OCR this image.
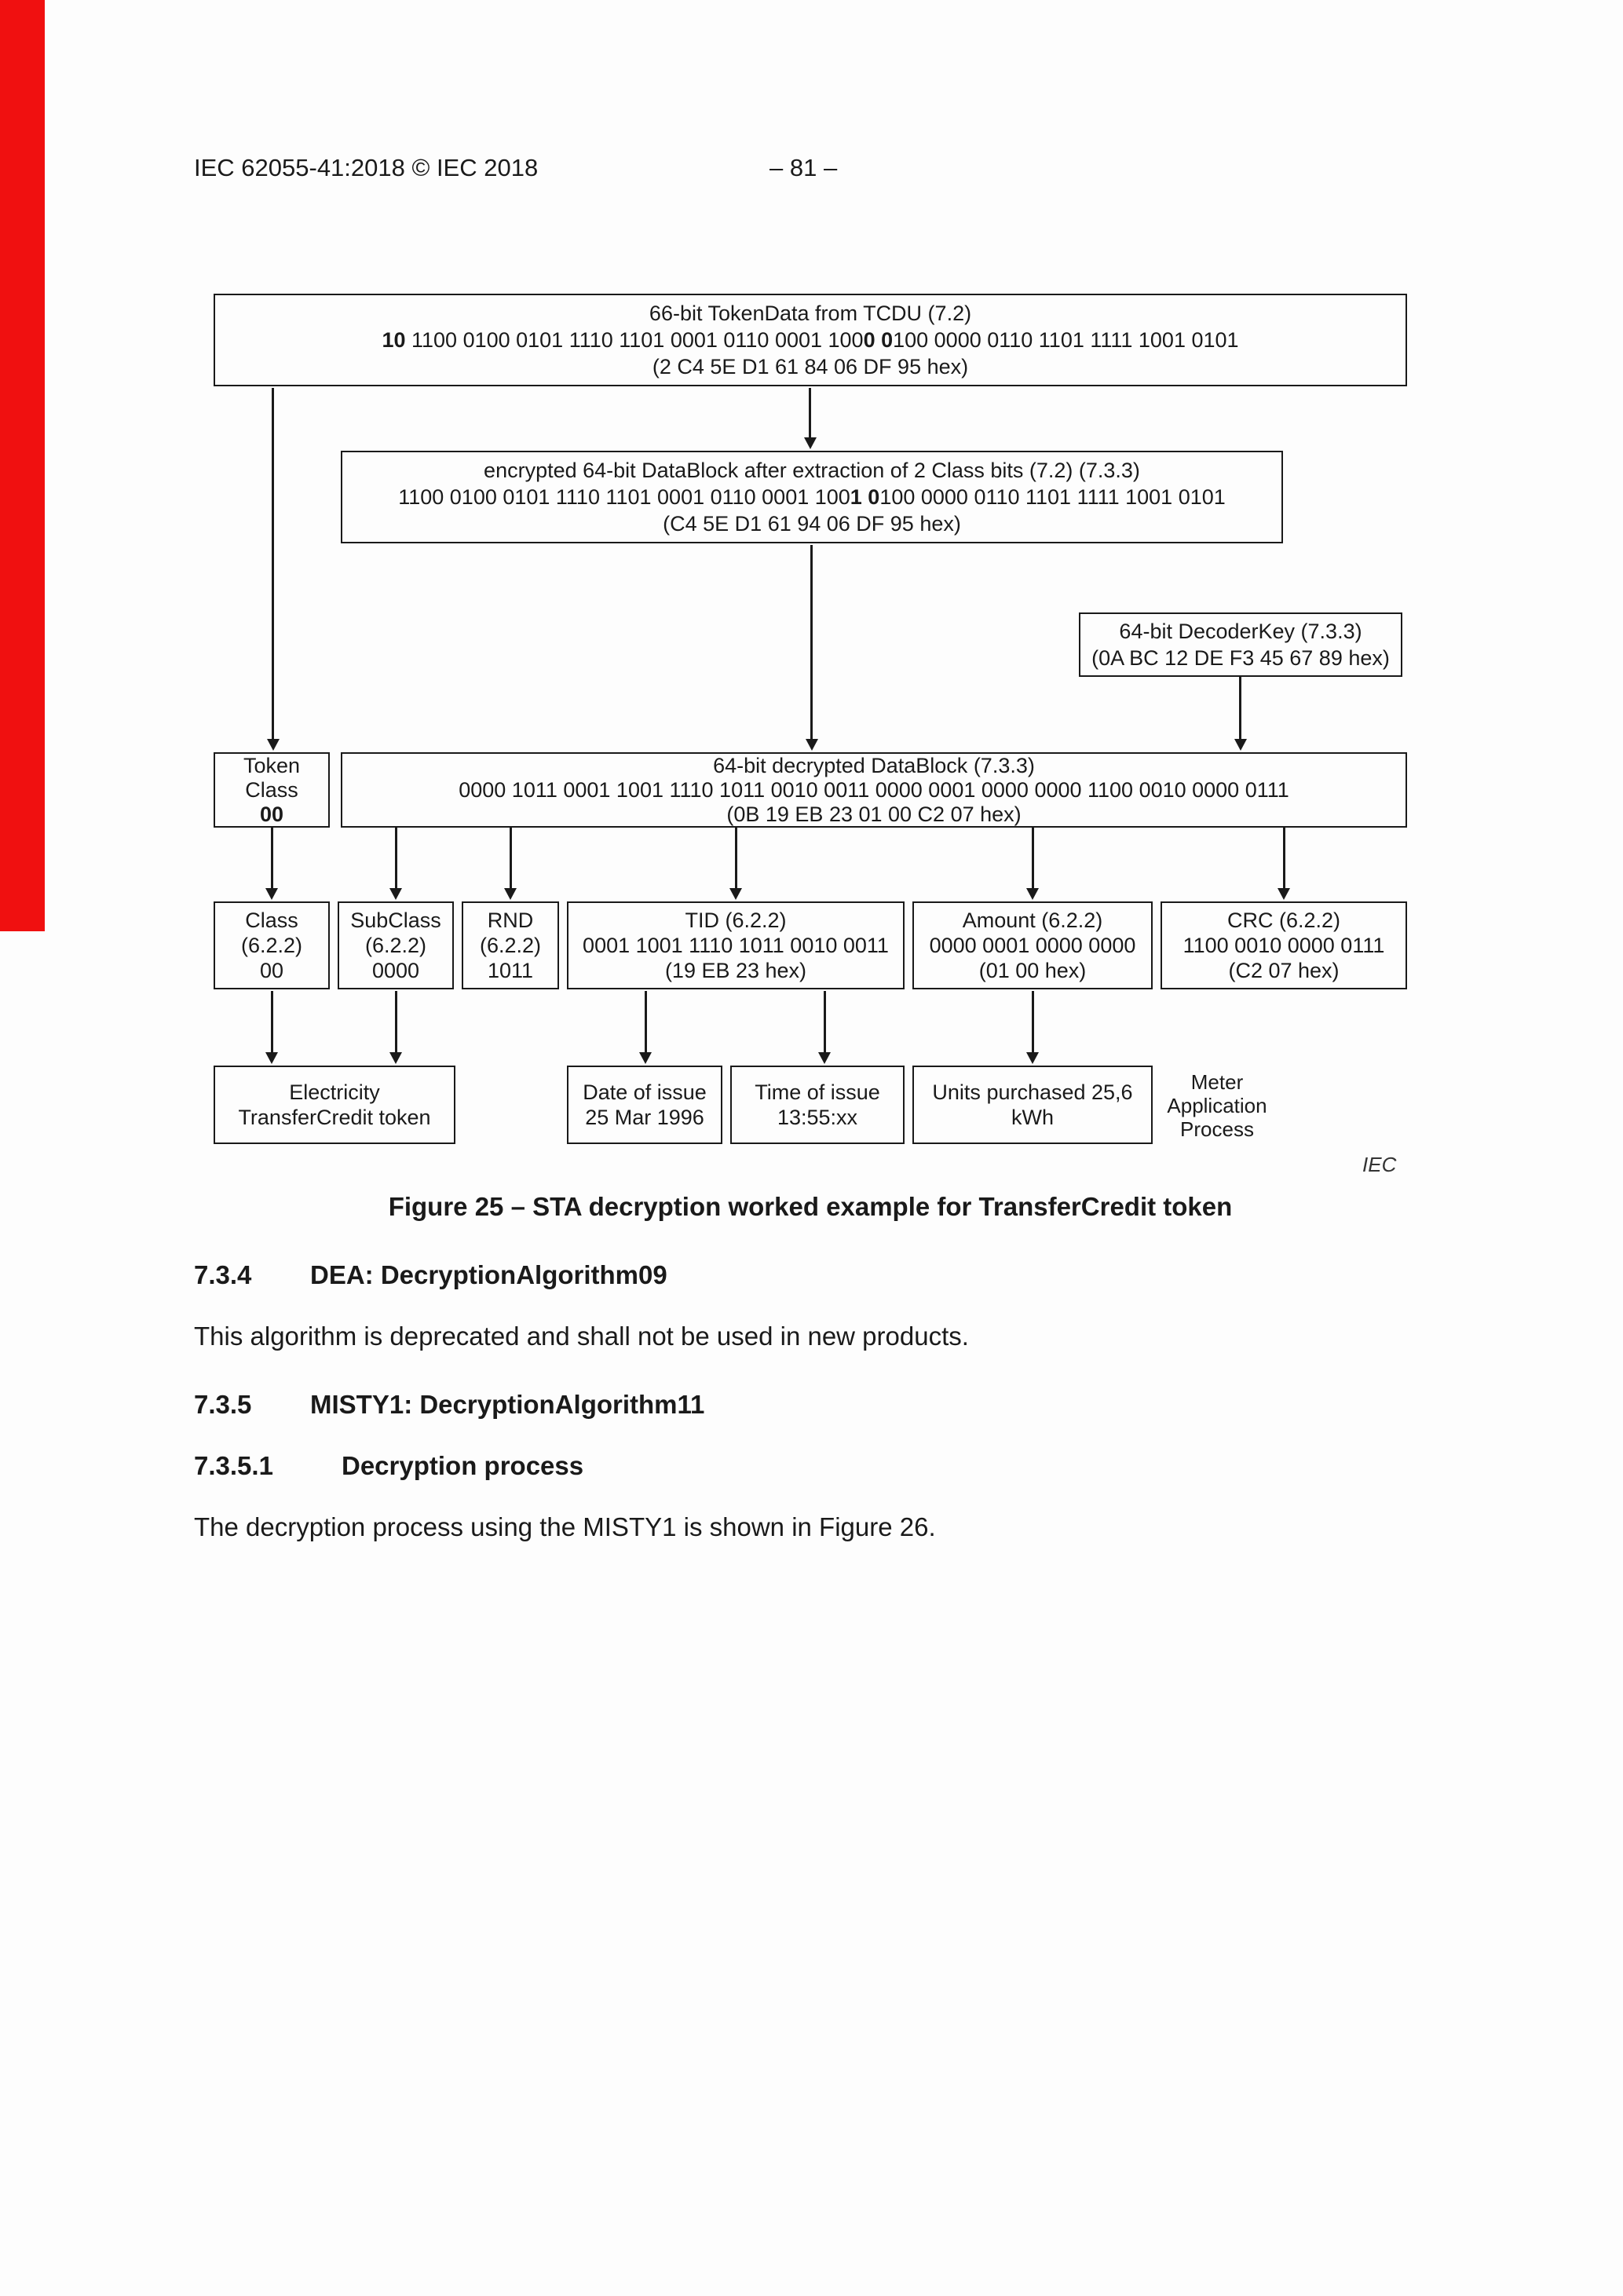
IEC 62055-41:2018 © IEC 2018	– 81 –
66-bit TokenData from TCDU (7.2)
10 1100 0100 0101 1110 1101 0001 0110 0001 1000 0100 0000 0110 1101 1111 1001 0101
(2 C4 5E D1 61 84 06 DF 95 hex)
encrypted 64-bit DataBlock after extraction of 2 Class bits (7.2) (7.3.3)
1100 0100 0101 1110 1101 0001 0110 0001 1001 0100 0000 0110 1101 1111 1001 0101
(C4 5E D1 61 94 06 DF 95 hex)
64-bit DecoderKey (7.3.3)
(0A BC 12 DE F3 45 67 89 hex)
Token
Class
00
64-bit decrypted DataBlock (7.3.3)
0000 1011 0001 1001 1110 1011 0010 0011 0000 0001 0000 0000 1100 0010 0000 0111
(0B 19 EB 23 01 00 C2 07 hex)
Class
(6.2.2)
00
SubClass
(6.2.2)
0000
RND
(6.2.2)
1011
TID (6.2.2)
0001 1001 1110 1011 0010 0011
(19 EB 23 hex)
Amount (6.2.2)
0000 0001 0000 0000
(01 00 hex)
CRC (6.2.2)
1100 0010 0000 0111
(C2 07 hex)
Electricity
TransferCredit token
Date of issue
25 Mar 1996
Time of issue
13:55:xx
Units purchased 25,6
kWh
Meter
Application
Process
IEC
Figure 25 – STA decryption worked example for TransferCredit token
7.3.4	DEA: DecryptionAlgorithm09
This algorithm is deprecated and shall not be used in new products.
7.3.5	MISTY1: DecryptionAlgorithm11
7.3.5.1	Decryption process
The decryption process using the MISTY1 is shown in Figure 26.
